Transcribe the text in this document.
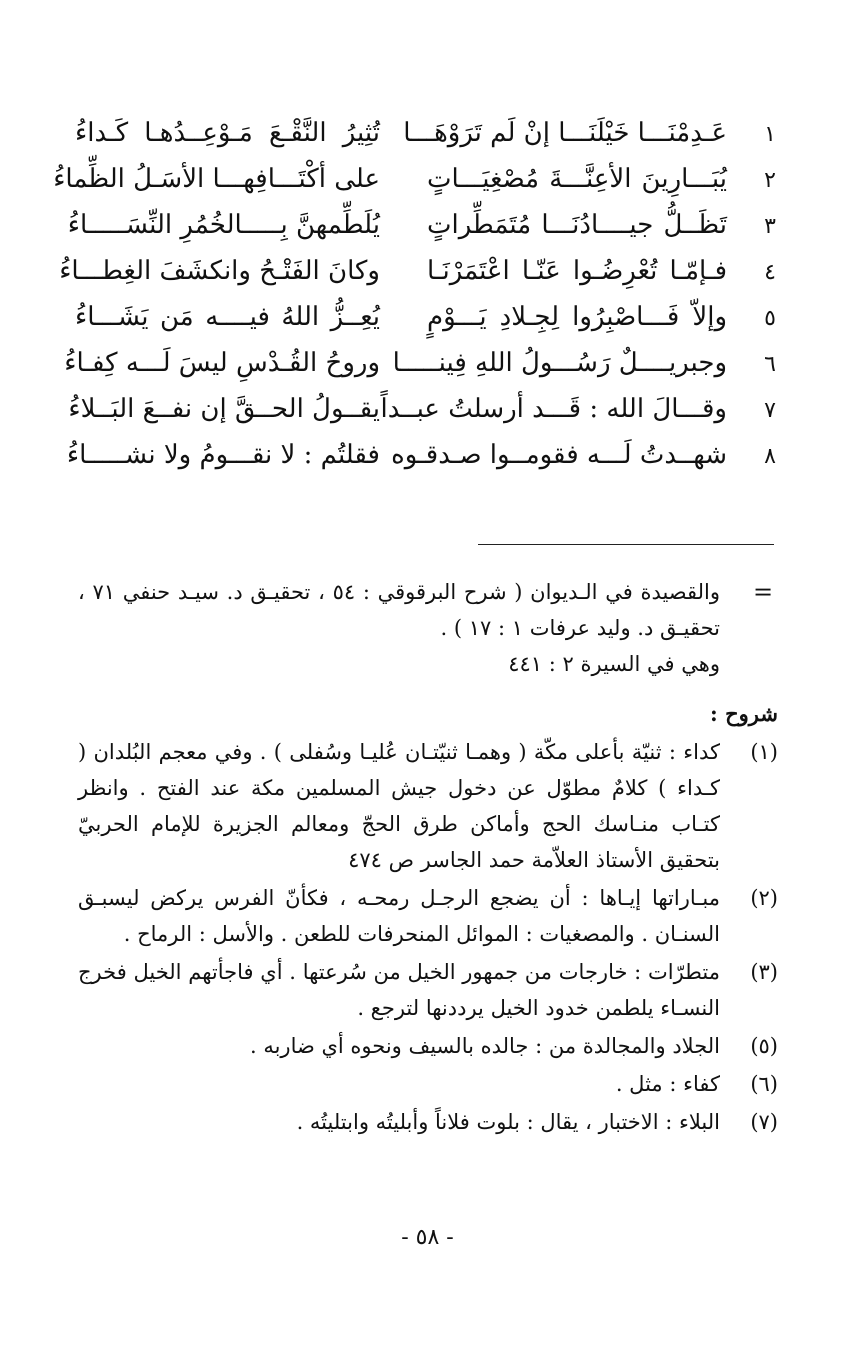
١
عَـدِمْنَـــا خَيْلَنَـــا إنْ لَم تَرَوْهَـــا
تُثِيرُ النَّقْـعَ مَـوْعِــدُهـا كَـداءُ
٢
يُبَـــارِينَ الأعِنَّـــةَ مُصْغِيَـــاتٍ
على أكْتَـــافِهـــا الأسَـلُ الظِّماءُ
٣
تَظَــلُّ جيــــادُنَـــا مُتَمَطِّراتٍ
يُلَطِّمهنَّ بِـــــالخُمُرِ النِّسَـــــاءُ
٤
فـإمّـا تُعْرِضُـوا عَنّـا اعْتَمَرْنَـا
وكانَ الفَتْـحُ وانكشَفَ الغِطـــاءُ
٥
وإلاّ فَـــاصْبِرُوا لِجِـلادِ يَـــوْمٍ
يُعِــزُّ اللهُ فيــــه مَن يَشَـــاءُ
٦
وجبريــــلٌ رَسُـــولُ اللهِ فِينـــــا
وروحُ القُـدْسِ ليسَ لَـــه كِفـاءُ
٧
وقـــالَ الله : قَـــد أرسلتُ عبــداً
يقــولُ الحــقَّ إن نفــعَ البَــلاءُ
٨
شهــدتُ لَـــه فقومــوا صـدقـوه
فقلتُم : لا نقـــومُ ولا نشـــــاءُ
=

والقصيدة في الـديوان ( شرح البرقوقي : ٥٤ ، تحقيـق د. سيـد حنفي ٧١ ، تحقيـق د. وليد عرفات ١ : ١٧ ) .

وهي في السيرة ٢ : ٤٤١

شروح :
(١)
كداء : ثنيّة بأعلى مكّة ( وهمـا ثنيّتـان عُليـا وسُفلى ) . وفي معجم البُلدان ( كـداء ) كلامٌ مطوّل عن دخول جيش المسلمين مكة عند الفتح . وانظر كتـاب منـاسك الحج وأماكن طرق الحجّ ومعالم الجزيرة للإمام الحربيّ بتحقيق الأستاذ العلاّمة حمد الجاسر ص ٤٧٤
(٢)
مبـاراتها إيـاها : أن يضجع الرجـل رمحـه ، فكأنّ الفرس يركض ليسبـق السنـان . والمصغيات : الموائل المنحرفات للطعن . والأسل : الرماح .
(٣)
متطرّات : خارجات من جمهور الخيل من سُرعتها . أي فاجأتهم الخيل فخرج النسـاء يلطمن خدود الخيل يرددنها لترجع .
(٥)
الجلاد والمجالدة من : جالده بالسيف ونحوه أي ضاربه .
(٦)
كفاء : مثل .
(٧)
البلاء : الاختبار ، يقال : بلوت فلاناً وأبليتُه وابتليتُه .
- ٥٨ -
